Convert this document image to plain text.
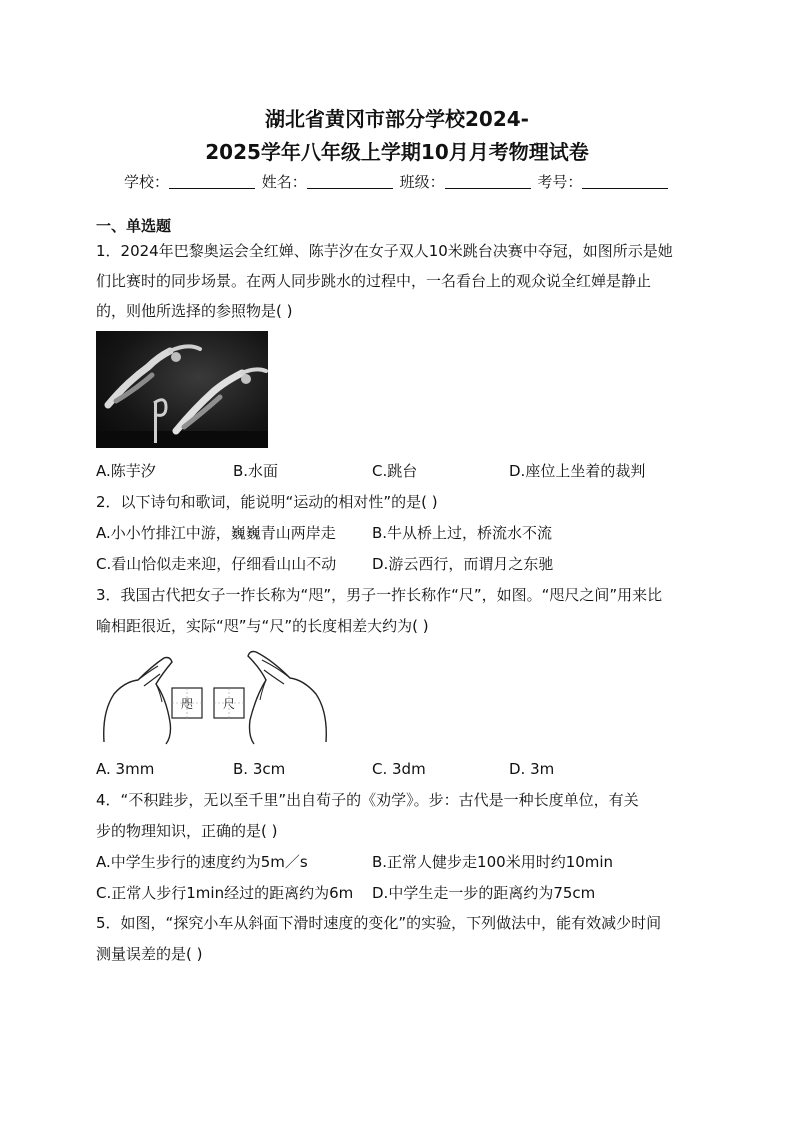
湖北省黄冈市部分学校2024-
2025学年八年级上学期10月月考物理试卷
学校：	姓名：	班级：	考号：
一、单选题
1．2024年巴黎奥运会全红婵、陈芋汐在女子双人10米跳台决赛中夺冠，如图所示是她
们比赛时的同步场景。在两人同步跳水的过程中，一名看台上的观众说全红婵是静止
的，则他所选择的参照物是( )
A.陈芋汐	B.水面	C.跳台	D.座位上坐着的裁判
2．以下诗句和歌词，能说明“运动的相对性”的是( )
A.小小竹排江中游，巍巍青山两岸走 B.牛从桥上过，桥流水不流
C.看山恰似走来迎，仔细看山山不动 D.游云西行，而谓月之东驰
3．我国古代把女子一拃长称为“咫”，男子一拃长称作“尺”，如图。“咫尺之间”用来比
喻相距很近，实际“咫”与“尺”的长度相差大约为( )
咫 尺
A. 3mm	B. 3cm	C. 3dm	D. 3m
4．“不积跬步，无以至千里”出自荀子的《劝学》。步：古代是一种长度单位，有关
步的物理知识，正确的是( )
A.中学生步行的速度约为5m／s	B.正常人健步走100米用时约10min
C.正常人步行1min经过的距离约为6m D.中学生走一步的距离约为75cm
5．如图，“探究小车从斜面下滑时速度的变化”的实验，下列做法中，能有效减少时间
测量误差的是( )
